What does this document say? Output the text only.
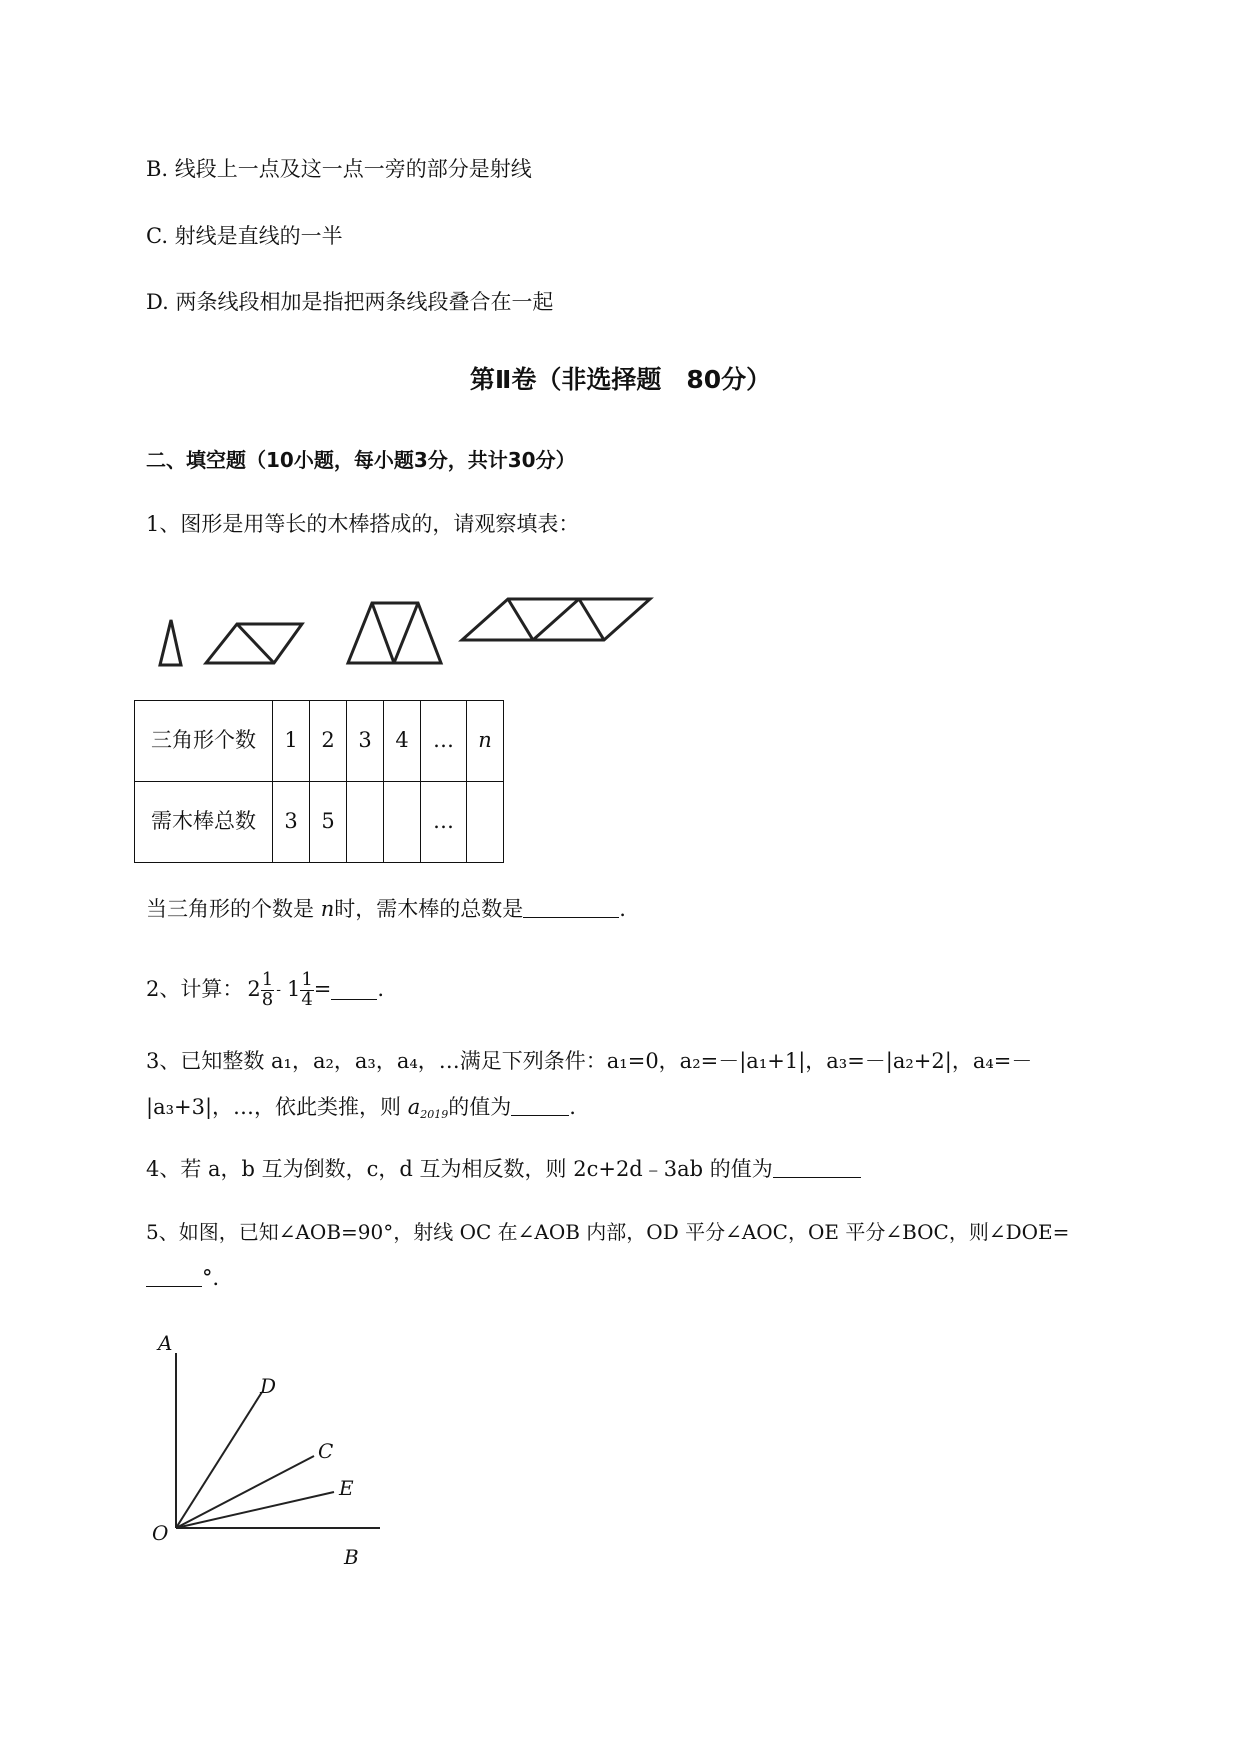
B. 线段上一点及这一点一旁的部分是射线
C. 射线是直线的一半
D. 两条线段相加是指把两条线段叠合在一起
第Ⅱ卷（非选择题　80分）
二、填空题（10小题，每小题3分，共计30分）
1、图形是用等长的木棒搭成的，请观察填表：
三角形个数	1	2	3	4	…	n
需木棒总数	3	5			…	
当三角形的个数是 n时，需木棒的总数是	.
2、计算： $2 \frac{1}{8} - 1 \frac{1}{4}$ = .
3、已知整数 a₁，a₂，a₃，a₄，…满足下列条件：a₁=0，a₂=－|a₁+1|，a₃=－|a₂+2|，a₄=－
|a₃+3|，…，依此类推，则 $a_{2019}$的值为	.
4、若 a，b 互为倒数，c，d 互为相反数，则 2c+2d﹣3ab 的值为
5、如图，已知∠AOB=90°，射线 OC 在∠AOB 内部，OD 平分∠AOC，OE 平分∠BOC，则∠DOE=
°．
A
D
C
E
O
B
